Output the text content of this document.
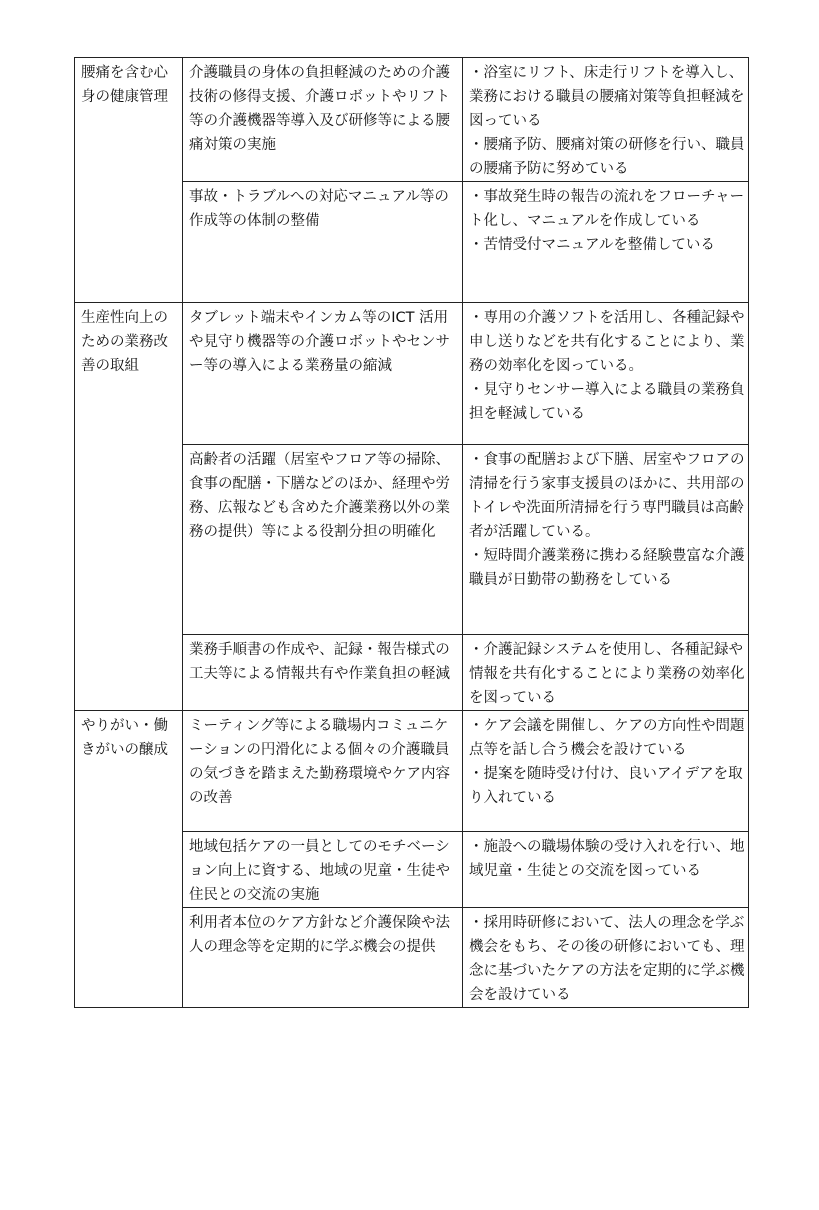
腰痛を含む心身の健康管理	介護職員の身体の負担軽減のための介護技術の修得支援、介護ロボットやリフト等の介護機器等導入及び研修等による腰痛対策の実施	・浴室にリフト、床走行リフトを導入し、業務における職員の腰痛対策等負担軽減を図っている
・腰痛予防、腰痛対策の研修を行い、職員の腰痛予防に努めている

	事故・トラブルへの対応マニュアル等の作成等の体制の整備	・事故発生時の報告の流れをフローチャート化し、マニュアルを作成している
・苦情受付マニュアルを整備している

生産性向上のための業務改善の取組	タブレット端末やインカム等のICT 活用や見守り機器等の介護ロボットやセンサー等の導入による業務量の縮減	・専用の介護ソフトを活用し、各種記録や申し送りなどを共有化することにより、業務の効率化を図っている。
・見守りセンサー導入による職員の業務負担を軽減している

	高齢者の活躍（居室やフロア等の掃除、食事の配膳・下膳などのほか、経理や労務、広報なども含めた介護業務以外の業務の提供）等による役割分担の明確化	・食事の配膳および下膳、居室やフロアの清掃を行う家事支援員のほかに、共用部のトイレや洗面所清掃を行う専門職員は高齢者が活躍している。
・短時間介護業務に携わる経験豊富な介護職員が日勤帯の勤務をしている

	業務手順書の作成や、記録・報告様式の工夫等による情報共有や作業負担の軽減	・介護記録システムを使用し、各種記録や情報を共有化することにより業務の効率化を図っている

やりがい・働きがいの醸成	ミーティング等による職場内コミュニケーションの円滑化による個々の介護職員の気づきを踏まえた勤務環境やケア内容の改善	・ケア会議を開催し、ケアの方向性や問題点等を話し合う機会を設けている
・提案を随時受け付け、良いアイデアを取り入れている

	地域包括ケアの一員としてのモチベーション向上に資する、地域の児童・生徒や住民との交流の実施	・施設への職場体験の受け入れを行い、地域児童・生徒との交流を図っている

	利用者本位のケア方針など介護保険や法人の理念等を定期的に学ぶ機会の提供	・採用時研修において、法人の理念を学ぶ機会をもち、その後の研修においても、理念に基づいたケアの方法を定期的に学ぶ機会を設けている
